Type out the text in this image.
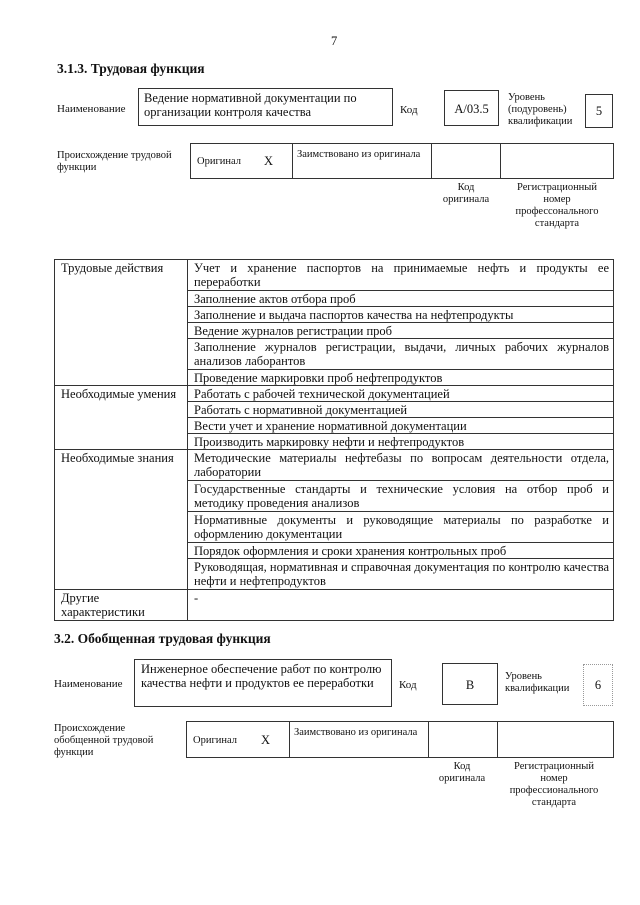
7
3.1.3. Трудовая функция
Наименование
Ведение нормативной документации по организации контроля качества	Код	A/03.5
Уровень (подуровень) квалификации
5
Происхождение трудовой функции
Оригинал X	Заимствовано из оригинала
Код оригинала
Регистрационный номер профессонального стандарта
Трудовые действия	Учет и хранение паспортов на принимаемые нефть и продукты ее переработки
	Заполнение актов отбора проб
	Заполнение и выдача паспортов качества на нефтепродукты
	Ведение журналов регистрации проб
	Заполнение журналов регистрации, выдачи, личных рабочих журналов анализов лаборантов
	Проведение маркировки проб нефтепродуктов
Необходимые умения	Работать с рабочей технической документацией
	Работать с нормативной документацией
	Вести учет и хранение нормативной документации
	Производить маркировку нефти и нефтепродуктов
Необходимые знания	Методические материалы нефтебазы по вопросам деятельности отдела, лаборатории
	Государственные стандарты и технические условия на отбор проб и методику проведения анализов
	Нормативные документы и руководящие материалы по разработке и оформлению документации
	Порядок оформления и сроки хранения контрольных проб
	Руководящая, нормативная и справочная документация по контролю качества нефти и нефтепродуктов
Другие характеристики	-
3.2. Обобщенная трудовая функция
Наименование
Инженерное обеспечение работ по контролю качества нефти и продуктов ее переработки	Код	В
Уровень квалификации	6
Происхождение обобщенной трудовой функции
Оригинал X
Заимствовано из оригинала
Код оригинала
Регистрационный номер профессионального стандарта
